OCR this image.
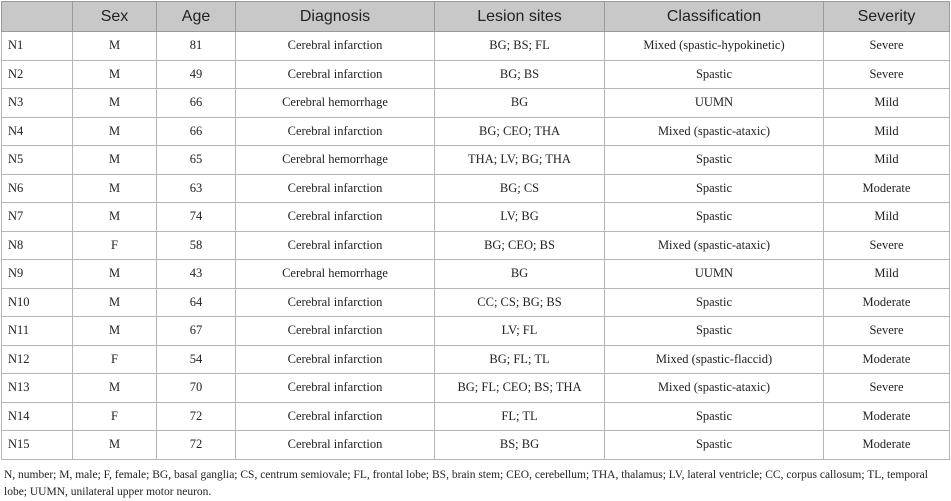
	Sex	Age	Diagnosis	Lesion sites	Classification	Severity
N1	M	81	Cerebral infarction	BG; BS; FL	Mixed (spastic-hypokinetic)	Severe
N2	M	49	Cerebral infarction	BG; BS	Spastic	Severe
N3	M	66	Cerebral hemorrhage	BG	UUMN	Mild
N4	M	66	Cerebral infarction	BG; CEO; THA	Mixed (spastic-ataxic)	Mild
N5	M	65	Cerebral hemorrhage	THA; LV; BG; THA	Spastic	Mild
N6	M	63	Cerebral infarction	BG; CS	Spastic	Moderate
N7	M	74	Cerebral infarction	LV; BG	Spastic	Mild
N8	F	58	Cerebral infarction	BG; CEO; BS	Mixed (spastic-ataxic)	Severe
N9	M	43	Cerebral hemorrhage	BG	UUMN	Mild
N10	M	64	Cerebral infarction	CC; CS; BG; BS	Spastic	Moderate
N11	M	67	Cerebral infarction	LV; FL	Spastic	Severe
N12	F	54	Cerebral infarction	BG; FL; TL	Mixed (spastic-flaccid)	Moderate
N13	M	70	Cerebral infarction	BG; FL; CEO; BS; THA	Mixed (spastic-ataxic)	Severe
N14	F	72	Cerebral infarction	FL; TL	Spastic	Moderate
N15	M	72	Cerebral infarction	BS; BG	Spastic	Moderate
N, number; M, male; F, female; BG, basal ganglia; CS, centrum semiovale; FL, frontal lobe; BS, brain stem; CEO, cerebellum; THA, thalamus; LV, lateral ventricle; CC, corpus callosum; TL, temporal lobe; UUMN, unilateral upper motor neuron.
